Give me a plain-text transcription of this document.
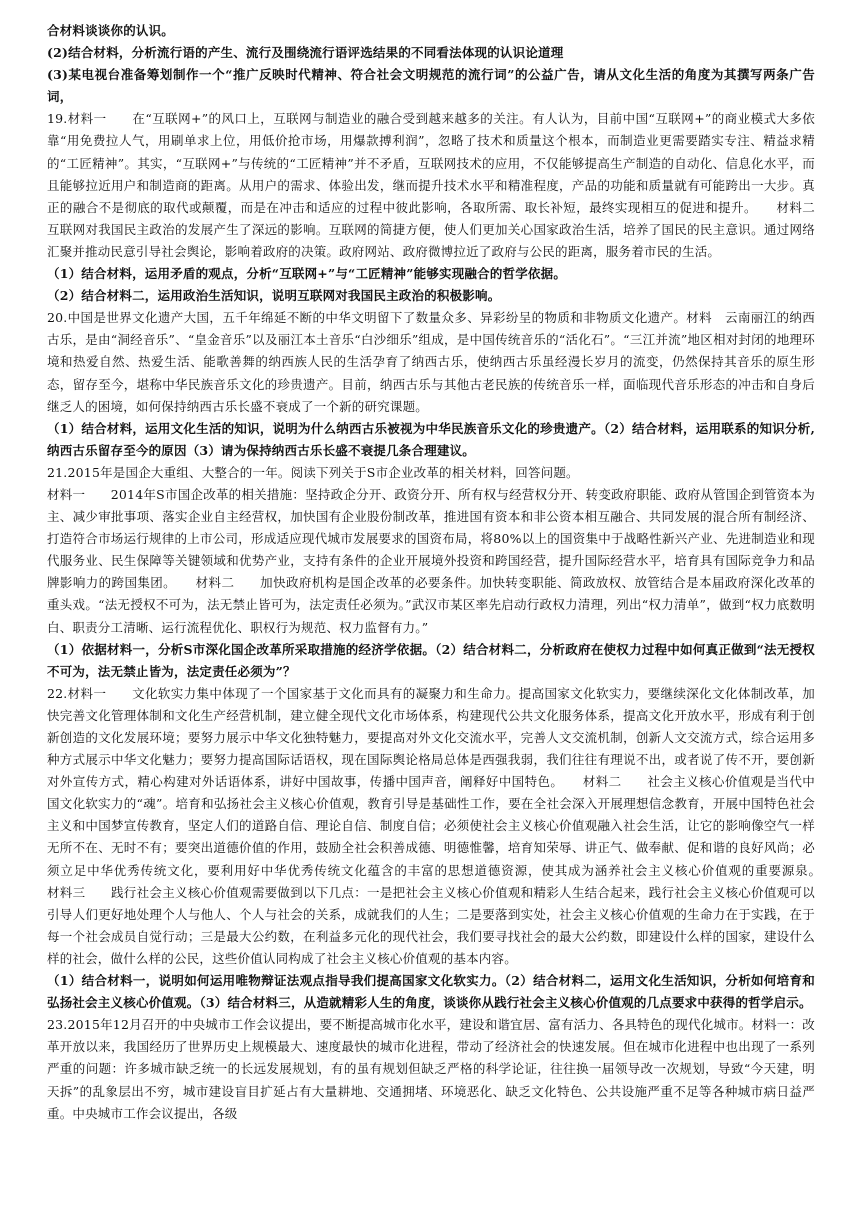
合材料谈谈你的认识。

(2)结合材料，分析流行语的产生、流行及围绕流行语评选结果的不同看法体现的认识论道理

(3)某电视台准备筹划制作一个“推广反映时代精神、符合社会文明规范的流行词”的公益广告，请从文化生活的角度为其撰写两条广告词，

19.材料一　　在“互联网+”的风口上，互联网与制造业的融合受到越来越多的关注。有人认为，目前中国“互联网+”的商业模式大多依靠“用免费拉人气，用刷单求上位，用低价抢市场，用爆款搏利润”，忽略了技术和质量这个根本，而制造业更需要踏实专注、精益求精的“工匠精神”。其实，“互联网+”与传统的“工匠精神”并不矛盾，互联网技术的应用，不仅能够提高生产制造的自动化、信息化水平，而且能够拉近用户和制造商的距离。从用户的需求、体验出发，继而提升技术水平和精准程度，产品的功能和质量就有可能跨出一大步。真正的融合不是彻底的取代或颠覆，而是在冲击和适应的过程中彼此影响，各取所需、取长补短，最终实现相互的促进和提升。　　材料二　互联网对我国民主政治的发展产生了深远的影响。互联网的简捷方便，使人们更加关心国家政治生活，培养了国民的民主意识。通过网络汇聚并推动民意引导社会舆论，影响着政府的决策。政府网站、政府微博拉近了政府与公民的距离，服务着市民的生活。

（1）结合材料，运用矛盾的观点，分析“互联网+”与“工匠精神”能够实现融合的哲学依据。

（2）结合材料二，运用政治生活知识，说明互联网对我国民主政治的积极影响。

20.中国是世界文化遗产大国，五千年绵延不断的中华文明留下了数量众多、异彩纷呈的物质和非物质文化遗产。材料　云南丽江的纳西古乐，是由“洞经音乐”、“皇金音乐”以及丽江本土音乐“白沙细乐”组成，是中国传统音乐的“活化石”。“三江并流”地区相对封闭的地理环境和热爱自然、热爱生活、能歌善舞的纳西族人民的生活孕育了纳西古乐，使纳西古乐虽经漫长岁月的流变，仍然保持其音乐的原生形态，留存至今，堪称中华民族音乐文化的珍贵遗产。目前，纳西古乐与其他古老民族的传统音乐一样，面临现代音乐形态的冲击和自身后继乏人的困境，如何保持纳西古乐长盛不衰成了一个新的研究课题。

（1）结合材料，运用文化生活的知识，说明为什么纳西古乐被视为中华民族音乐文化的珍贵遗产。（2）结合材料，运用联系的知识分析,纳西古乐留存至今的原因（3）请为保持纳西古乐长盛不衰提几条合理建议。

21.2015年是国企大重组、大整合的一年。阅读下列关于S市企业改革的相关材料，回答问题。

材料一　　2014年S市国企改革的相关措施：坚持政企分开、政资分开、所有权与经营权分开、转变政府职能、政府从管国企到管资本为主、减少审批事项、落实企业自主经营权，加快国有企业股份制改革，推进国有资本和非公资本相互融合、共同发展的混合所有制经济、打造符合市场运行规律的上市公司，形成适应现代城市发展要求的国资布局，将80%以上的国资集中于战略性新兴产业、先进制造业和现代服务业、民生保障等关键领域和优势产业，支持有条件的企业开展境外投资和跨国经营，提升国际经营水平，培育具有国际竞争力和品牌影响力的跨国集团。　　材料二　　加快政府机构是国企改革的必要条件。加快转变职能、简政放权、放管结合是本届政府深化改革的重头戏。“法无授权不可为，法无禁止皆可为，法定责任必须为。”武汉市某区率先启动行政权力清理，列出“权力清单”，做到“权力底数明白、职责分工清晰、运行流程优化、职权行为规范、权力监督有力。”

（1）依据材料一，分析S市深化国企改革所采取措施的经济学依据。（2）结合材料二，分析政府在使权力过程中如何真正做到“法无授权不可为，法无禁止皆为，法定责任必须为”？

22.材料一　　文化软实力集中体现了一个国家基于文化而具有的凝聚力和生命力。提高国家文化软实力，要继续深化文化体制改革，加快完善文化管理体制和文化生产经营机制，建立健全现代文化市场体系，构建现代公共文化服务体系，提高文化开放水平，形成有利于创新创造的文化发展环境；要努力展示中华文化独特魅力，要提高对外文化交流水平，完善人文交流机制，创新人文交流方式，综合运用多种方式展示中华文化魅力；要努力提高国际话语权，现在国际舆论格局总体是西强我弱，我们往往有理说不出，或者说了传不开，要创新对外宣传方式，精心构建对外话语体系，讲好中国故事，传播中国声音，阐释好中国特色。　　材料二　　社会主义核心价值观是当代中国文化软实力的“魂”。培育和弘扬社会主义核心价值观，教育引导是基础性工作，要在全社会深入开展理想信念教育，开展中国特色社会主义和中国梦宣传教育，坚定人们的道路自信、理论自信、制度自信；必须使社会主义核心价值观融入社会生活，让它的影响像空气一样无所不在、无时不有；要突出道德价值的作用，鼓励全社会积善成德、明德惟馨，培育知荣辱、讲正气、做奉献、促和谐的良好风尚；必须立足中华优秀传统文化，要利用好中华优秀传统文化蕴含的丰富的思想道德资源，使其成为涵养社会主义核心价值观的重要源泉。　　材料三　　践行社会主义核心价值观需要做到以下几点：一是把社会主义核心价值观和精彩人生结合起来，践行社会主义核心价值观可以引导人们更好地处理个人与他人、个人与社会的关系，成就我们的人生；二是要落到实处，社会主义核心价值观的生命力在于实践，在于每一个社会成员自觉行动；三是最大公约数，在利益多元化的现代社会，我们要寻找社会的最大公约数，即建设什么样的国家，建设什么样的社会，做什么样的公民，这些价值认同构成了社会主义核心价值观的基本内容。

（1）结合材料一，说明如何运用唯物辩证法观点指导我们提高国家文化软实力。（2）结合材料二，运用文化生活知识，分析如何培育和弘扬社会主义核心价值观。（3）结合材料三，从造就精彩人生的角度，谈谈你从践行社会主义核心价值观的几点要求中获得的哲学启示。

23.2015年12月召开的中央城市工作会议提出，要不断提高城市化水平，建设和谐宜居、富有活力、各具特色的现代化城市。材料一：改革开放以来，我国经历了世界历史上规模最大、速度最快的城市化进程，带动了经济社会的快速发展。但在城市化进程中也出现了一系列严重的问题：许多城市缺乏统一的长远发展规划，有的虽有规划但缺乏严格的科学论证，往往换一届领导改一次规划，导致“今天建，明天拆”的乱象层出不穷，城市建设盲目扩延占有大量耕地、交通拥堵、环境恶化、缺乏文化特色、公共设施严重不足等各种城市病日益严重。中央城市工作会议提出，各级
